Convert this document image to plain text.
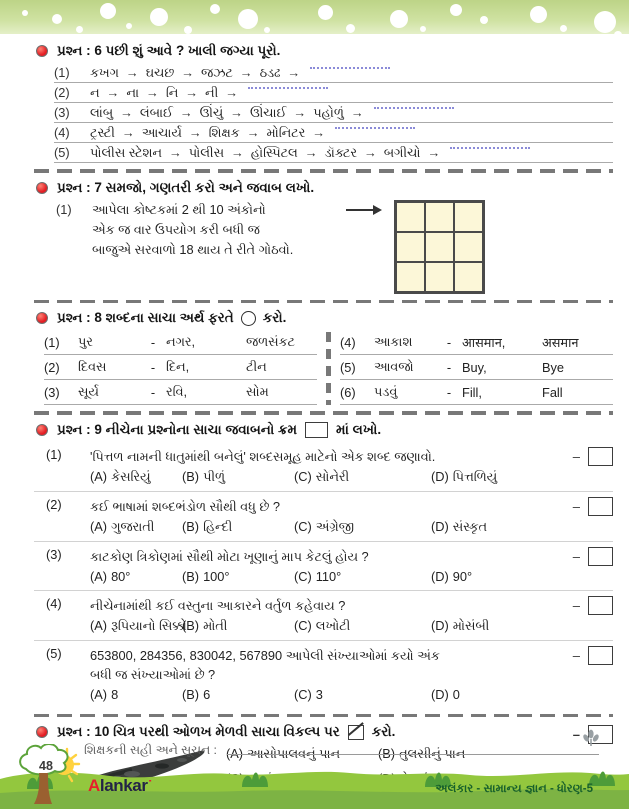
પ્રશ્ન : 6 પછી શું આવે ? ખાલી જગ્યા પૂરો.
(1) કખગ → ઘચછ → જઝટ → ઠડઢ →
(2) ન → ના → નિ → ની →
(3) લાંબુ → લંબાઈ → ઊંચું → ઊંચાઈ → પહોળું →
(4) ટ્રસ્ટી → આચાર્ય → શિક્ષક → મોનિટર →
(5) પોલીસ સ્ટેશન → પોલીસ → હોસ્પિટલ → ડૉક્ટર → બગીચો →
પ્રશ્ન : 7 સમજો, ગણતરી કરો અને જવાબ લખો.
(1)	આપેલા કોષ્ટકમાં 2 થી 10 અંકોનો
એક જ વાર ઉપયોગ કરી બધી જ
બાજુએ સરવાળો 18 થાય તે રીતે ગોઠવો.
પ્રશ્ન : 8 શબ્દના સાચા અર્થ ફરતે ○ કરો.
(1)	પુર	- નગર,	જળસંકટ
(2)	દિવસ	- દિન,	ટીન
(3)	સૂર્ય	- રવિ,	સોમ
(4)	આકાશ	- आसमान,	असमान
(5)	આવજો	- Buy,	Bye
(6)	પડવું	- Fill,	Fall
પ્રશ્ન : 9 નીચેના પ્રશ્નોના સાચા જવાબનો ક્રમ	માં લખો.
(1)	'પિત્તળ નામની ધાતુમાંથી બનેલું' શબ્દસમૂહ માટેનો એક શબ્દ જણાવો.	–
(A) કેસરિયું	(B) પીળું	(C) સોનેરી	(D) પિત્તળિયું
(2)	કઈ ભાષામાં શબ્દભંડોળ સૌથી વધુ છે ?	–
(A) ગુજરાતી	(B) હિન્દી	(C) અંગ્રેજી	(D) સંસ્કૃત
(3)	કાટકોણ ત્રિકોણમાં સૌથી મોટા ખૂણાનું માપ કેટલું હોય ?	–
(A) 80°	(B) 100°	(C) 110°	(D) 90°
(4)	નીચેનામાંથી કઈ વસ્તુના આકારને વર્તુળ કહેવાય ?	–
(A) રૂપિયાનો સિક્કો
(B) મોતી	(C) લખોટી	(D) મોસંબી
(5)	653800, 284356, 830042, 567890 આપેલી સંખ્યાઓમાં કયો અંક
બધી જ સંખ્યાઓમાં છે ?
–
(A) 8	(B) 6	(C) 3	(D) 0
પ્રશ્ન : 10 ચિત્ર પરથી ઓળખ મેળવી સાચા વિકલ્પ પર કરો.	–
(A) આસોપાલવનું પાન	(B) તુલસીનું પાન
શિક્ષકની સહી અને સૂચન :
48
Alankar ˙	અલંકાર - સામાન્ય જ્ઞાન - ધોરણ-5
